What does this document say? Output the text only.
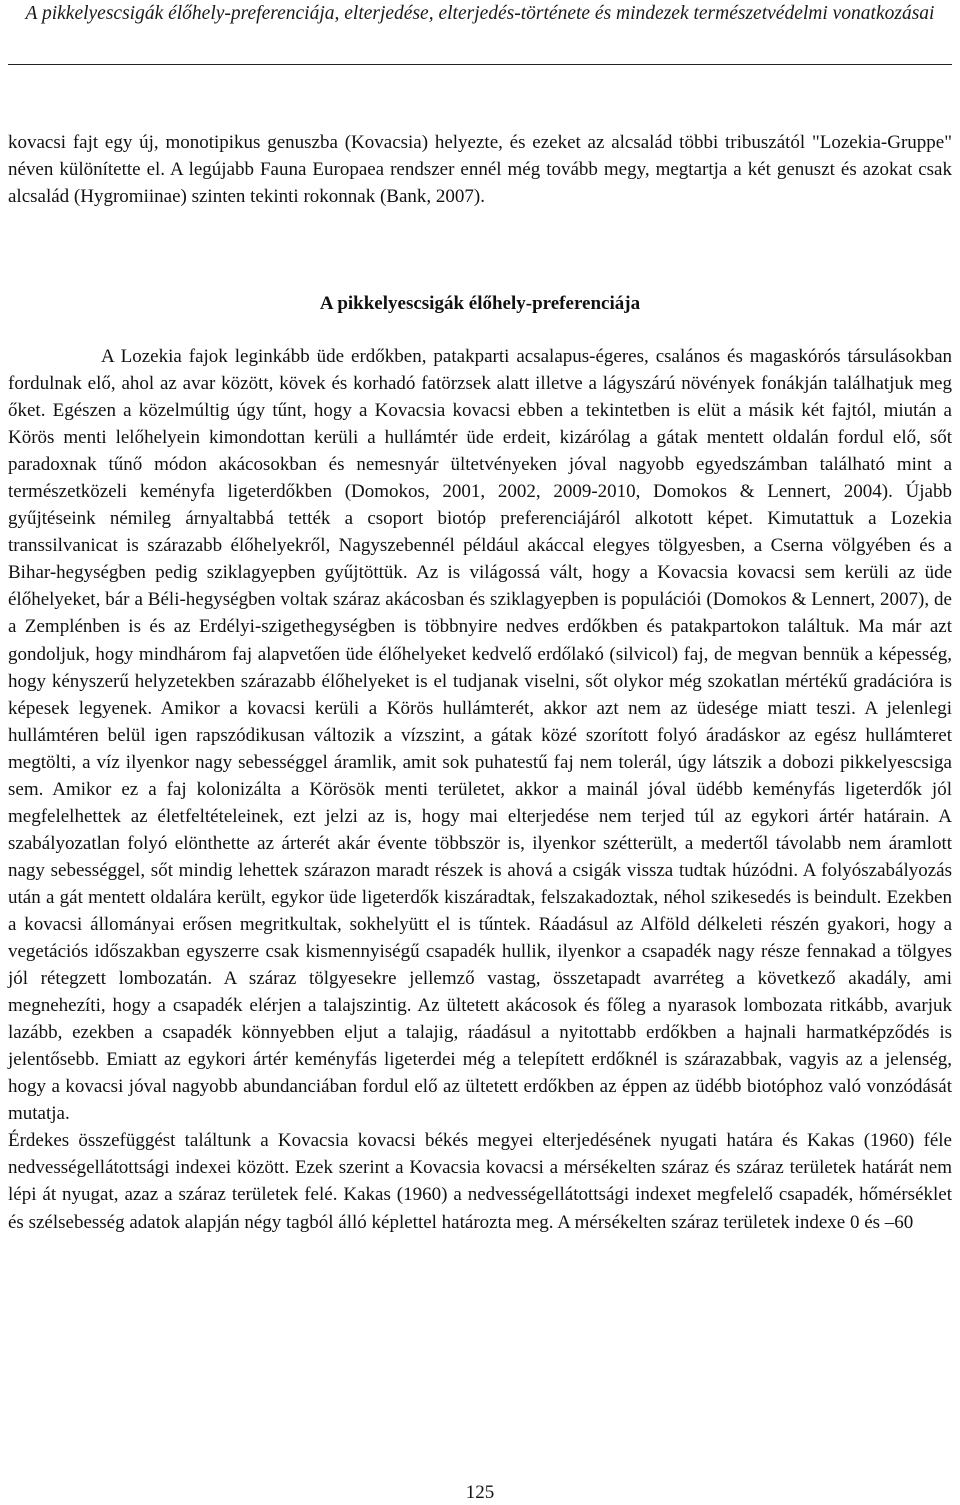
A pikkelyescsigák élőhely-preferenciája, elterjedése, elterjedés-története és mindezek természetvédelmi vonatkozásai

kovacsi fajt egy új, monotipikus genuszba (Kovacsia) helyezte, és ezeket az alcsalád többi tribuszától "Lozekia-Gruppe" néven különítette el. A legújabb Fauna Europaea rendszer ennél még tovább megy, megtartja a két genuszt és azokat csak alcsalád (Hygromiinae) szinten tekinti rokonnak (Bank, 2007).

A pikkelyescsigák élőhely-preferenciája

A Lozekia fajok leginkább üde erdőkben, patakparti acsalapus-égeres, csalános és magaskórós társulásokban fordulnak elő, ahol az avar között, kövek és korhadó fatörzsek alatt illetve a lágyszárú növények fonákján találhatjuk meg őket. Egészen a közelmúltig úgy tűnt, hogy a Kovacsia kovacsi ebben a tekintetben is elüt a másik két fajtól, miután a Körös menti lelőhelyein kimondottan kerüli a hullámtér üde erdeit, kizárólag a gátak mentett oldalán fordul elő, sőt paradoxnak tűnő módon akácosokban és nemesnyár ültetvényeken jóval nagyobb egyedszámban található mint a természetközeli keményfa ligeterdőkben (Domokos, 2001, 2002, 2009-2010, Domokos & Lennert, 2004). Újabb gyűjtéseink némileg árnyaltabbá tették a csoport biotóp preferenciájáról alkotott képet. Kimutattuk a Lozekia transsilvanicat is szárazabb élőhelyekről, Nagyszebennél például akáccal elegyes tölgyesben, a Cserna völgyében és a Bihar-hegységben pedig sziklagyepben gyűjtöttük. Az is világossá vált, hogy a Kovacsia kovacsi sem kerüli az üde élőhelyeket, bár a Béli-hegységben voltak száraz akácosban és sziklagyepben is populációi (Domokos & Lennert, 2007), de a Zemplénben is és az Erdélyi-szigethegységben is többnyire nedves erdőkben és patakpartokon találtuk. Ma már azt gondoljuk, hogy mindhárom faj alapvetően üde élőhelyeket kedvelő erdőlakó (silvicol) faj, de megvan bennük a képesség, hogy kényszerű helyzetekben szárazabb élőhelyeket is el tudjanak viselni, sőt olykor még szokatlan mértékű gradációra is képesek legyenek. Amikor a kovacsi kerüli a Körös hullámterét, akkor azt nem az üdesége miatt teszi. A jelenlegi hullámtéren belül igen rapszódikusan változik a vízszint, a gátak közé szorított folyó áradáskor az egész hullámteret megtölti, a víz ilyenkor nagy sebességgel áramlik, amit sok puhatestű faj nem tolerál, úgy látszik a dobozi pikkelyescsiga sem. Amikor ez a faj kolonizálta a Körösök menti területet, akkor a mainál jóval üdébb keményfás ligeterdők jól megfelelhettek az életfeltételeinek, ezt jelzi az is, hogy mai elterjedése nem terjed túl az egykori ártér határain. A szabályozatlan folyó elönthette az árterét akár évente többször is, ilyenkor szétterült, a medertől távolabb nem áramlott nagy sebességgel, sőt mindig lehettek szárazon maradt részek is ahová a csigák vissza tudtak húzódni. A folyószabályozás után a gát mentett oldalára került, egykor üde ligeterdők kiszáradtak, felszakadoztak, néhol szikesedés is beindult. Ezekben a kovacsi állományai erősen megritkultak, sokhelyütt el is tűntek. Ráadásul az Alföld délkeleti részén gyakori, hogy a vegetációs időszakban egyszerre csak kismennyiségű csapadék hullik, ilyenkor a csapadék nagy része fennakad a tölgyes jól rétegzett lombozatán. A száraz tölgyesekre jellemző vastag, összetapadt avarréteg a következő akadály, ami megnehezíti, hogy a csapadék elérjen a talajszintig. Az ültetett akácosok és főleg a nyarasok lombozata ritkább, avarjuk lazább, ezekben a csapadék könnyebben eljut a talajig, ráadásul a nyitottabb erdőkben a hajnali harmatképződés is jelentősebb. Emiatt az egykori ártér keményfás ligeterdei még a telepített erdőknél is szárazabbak, vagyis az a jelenség, hogy a kovacsi jóval nagyobb abundanciában fordul elő az ültetett erdőkben az éppen az üdébb biotóphoz való vonzódását mutatja.

Érdekes összefüggést találtunk a Kovacsia kovacsi békés megyei elterjedésének nyugati határa és Kakas (1960) féle nedvességellátottsági indexei között. Ezek szerint a Kovacsia kovacsi a mérsékelten száraz és száraz területek határát nem lépi át nyugat, azaz a száraz területek felé. Kakas (1960) a nedvességellátottsági indexet megfelelő csapadék, hőmérséklet és szélsebesség adatok alapján négy tagból álló képlettel határozta meg. A mérsékelten száraz területek indexe 0 és –60

125
